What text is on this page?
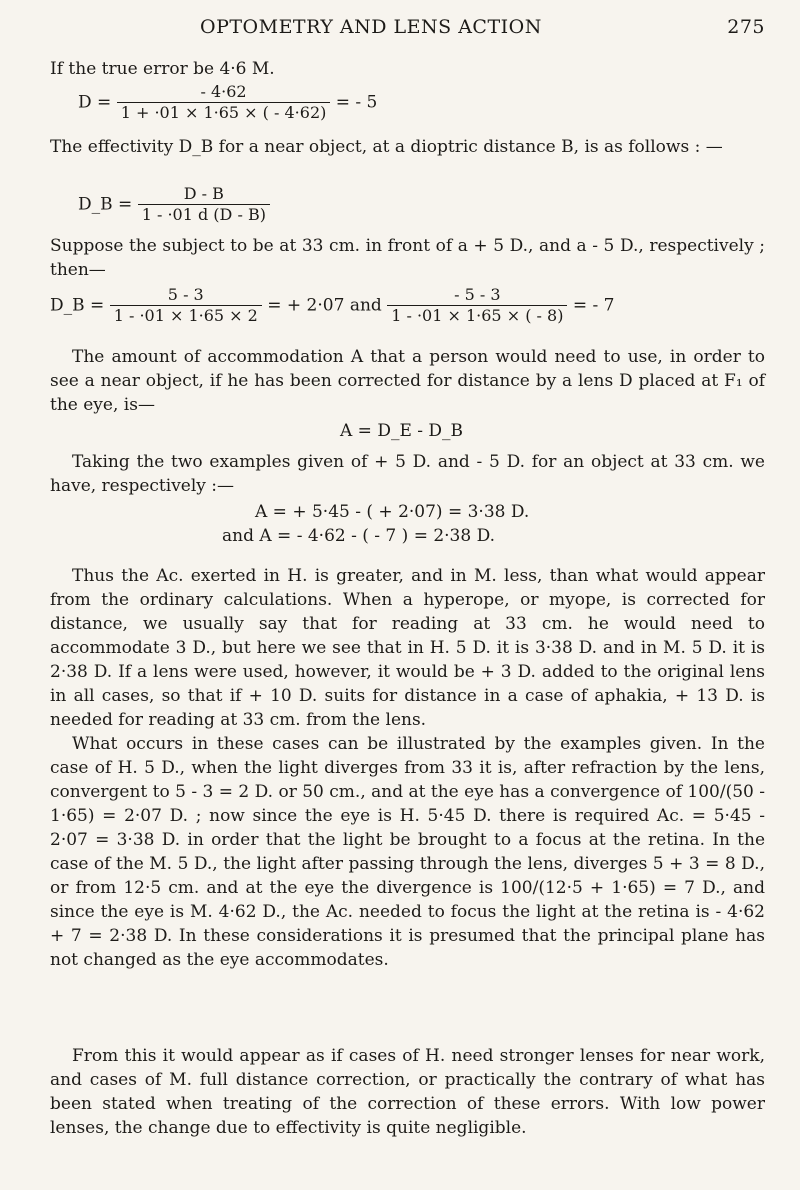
OPTOMETRY AND LENS ACTION	275

If the true error be 4·6 M.

$D = \frac{- 4\cdot 62}{1 + \cdot 01 \times 1\cdot 65 \times ( - 4\cdot 62)}$ = - 5

The effectivity D_B for a near object, at a dioptric distance B, is as follows : —

D_B = $\frac{D - B}{1 - \cdot 01 d (D - B)}$

Suppose the subject to be at 33 cm. in front of a + 5 D., and a - 5 D., respectively ; then—

D_B = $\frac{5 - 3}{1 - \cdot 01 \times 1\cdot 65 \times 2}$ = + 2·07 and $\frac{- 5 - 3}{1 - \cdot 01 \times 1\cdot 65 \times ( - 8)}$ = - 7

The amount of accommodation A that a person would need to use, in order to see a near object, if he has been corrected for distance by a lens D placed at F₁ of the eye, is—

A = D_E - D_B

Taking the two examples given of + 5 D. and - 5 D. for an object at 33 cm. we have, respectively :—

A = + 5·45 - ( + 2·07) = 3·38 D.
and A = - 4·62 - ( - 7 ) = 2·38 D.

Thus the Ac. exerted in H. is greater, and in M. less, than what would appear from the ordinary calculations. When a hyperope, or myope, is corrected for distance, we usually say that for reading at 33 cm. he would need to accommodate 3 D., but here we see that in H. 5 D. it is 3·38 D. and in M. 5 D. it is 2·38 D. If a lens were used, however, it would be + 3 D. added to the original lens in all cases, so that if + 10 D. suits for distance in a case of aphakia, + 13 D. is needed for reading at 33 cm. from the lens.

What occurs in these cases can be illustrated by the examples given. In the case of H. 5 D., when the light diverges from 33 it is, after refraction by the lens, convergent to 5 - 3 = 2 D. or 50 cm., and at the eye has a convergence of 100/(50 - 1·65) = 2·07 D. ; now since the eye is H. 5·45 D. there is required Ac. = 5·45 - 2·07 = 3·38 D. in order that the light be brought to a focus at the retina. In the case of the M. 5 D., the light after passing through the lens, diverges 5 + 3 = 8 D., or from 12·5 cm. and at the eye the divergence is 100/(12·5 + 1·65) = 7 D., and since the eye is M. 4·62 D., the Ac. needed to focus the light at the retina is - 4·62 + 7 = 2·38 D. In these considerations it is presumed that the principal plane has not changed as the eye accommodates.

From this it would appear as if cases of H. need stronger lenses for near work, and cases of M. full distance correction, or practically the contrary of what has been stated when treating of the correction of these errors. With low power lenses, the change due to effectivity is quite negligible.
